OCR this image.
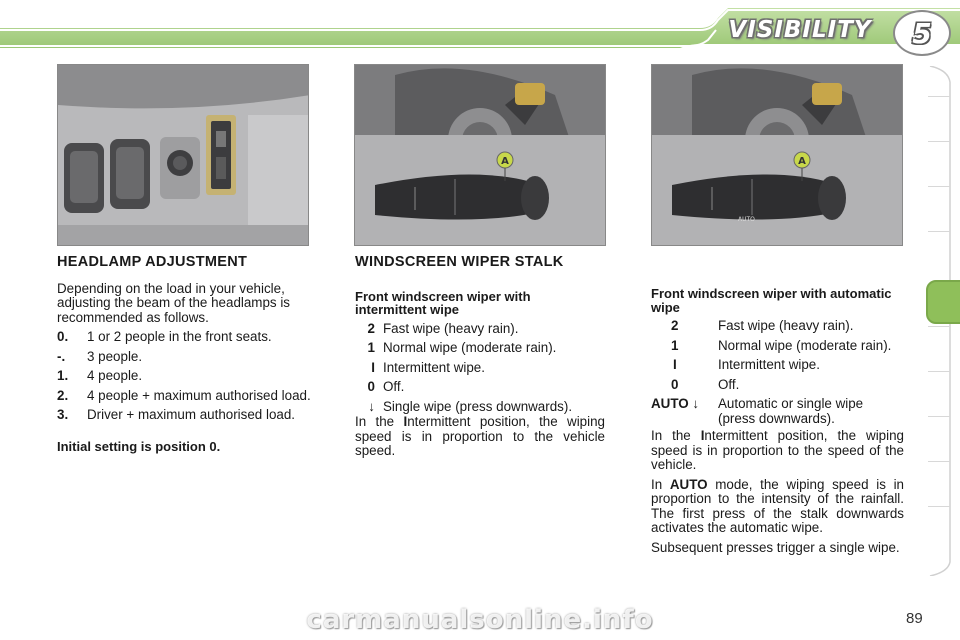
VISIBILITY	5
A
AUTO
A
HEADLAMP ADJUSTMENT
Depending on the load in your vehicle, adjusting the beam of the headlamps is recommended as follows.
0.	1 or 2 people in the front seats.
-.	3 people.
1.	4 people.
2.	4 people + maximum authorised load.
3.	Driver + maximum authorised load.
Initial setting is position 0.
WINDSCREEN WIPER STALK
Front windscreen wiper with intermittent wipe
2 Fast wipe (heavy rain).
1 Normal wipe (moderate rain).
I Intermittent wipe.
0 Off.
↓ Single wipe (press downwards).
In the Intermittent position, the wiping speed is in proportion to the vehicle speed.
Front windscreen wiper with automatic wipe
2	Fast wipe (heavy rain).
1	Normal wipe (moderate rain).
I	Intermittent wipe.
0	Off.
AUTO ↓	Automatic or single wipe (press downwards).
In the Intermittent position, the wiping speed is in proportion to the speed of the vehicle.
In AUTO mode, the wiping speed is in proportion to the intensity of the rainfall. The first press of the stalk downwards activates the automatic wipe.
Subsequent presses trigger a single wipe.
89
carmanualsonline.info
